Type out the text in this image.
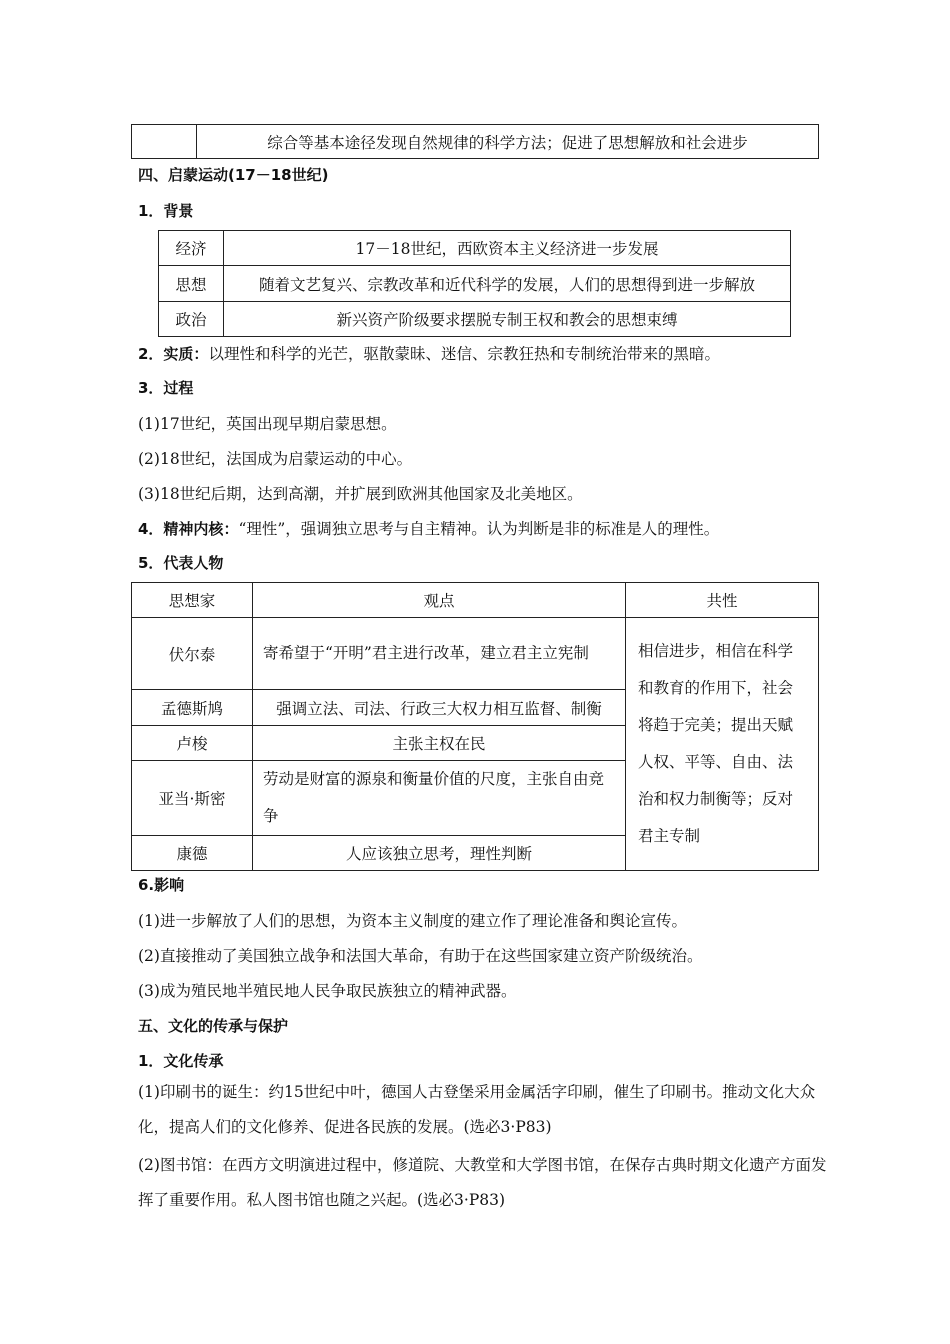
	综合等基本途径发现自然规律的科学方法；促进了思想解放和社会进步
四、启蒙运动(17－18世纪)
1．背景
经济	17－18世纪，西欧资本主义经济进一步发展
思想	随着文艺复兴、宗教改革和近代科学的发展，人们的思想得到进一步解放
政治	新兴资产阶级要求摆脱专制王权和教会的思想束缚
2．实质：以理性和科学的光芒，驱散蒙昧、迷信、宗教狂热和专制统治带来的黑暗。
3．过程
(1)17世纪，英国出现早期启蒙思想。
(2)18世纪，法国成为启蒙运动的中心。
(3)18世纪后期，达到高潮，并扩展到欧洲其他国家及北美地区。
4．精神内核：“理性”，强调独立思考与自主精神。认为判断是非的标准是人的理性。
5．代表人物
思想家	观点	共性
伏尔泰	寄希望于“开明”君主进行改革，建立君主立宪制	相信进步，相信在科学和教育的作用下，社会将趋于完美；提出天赋人权、平等、自由、法治和权力制衡等；反对君主专制
孟德斯鸠	强调立法、司法、行政三大权力相互监督、制衡	
卢梭	主张主权在民	
亚当·斯密	劳动是财富的源泉和衡量价值的尺度，主张自由竞争	
康德	人应该独立思考，理性判断	
6.影响
(1)进一步解放了人们的思想，为资本主义制度的建立作了理论准备和舆论宣传。
(2)直接推动了美国独立战争和法国大革命，有助于在这些国家建立资产阶级统治。
(3)成为殖民地半殖民地人民争取民族独立的精神武器。
五、文化的传承与保护
1．文化传承
(1)印刷书的诞生：约15世纪中叶，德国人古登堡采用金属活字印刷，催生了印刷书。推动文化大众化，提高人们的文化修养、促进各民族的发展。(选必3·P83)
(2)图书馆：在西方文明演进过程中，修道院、大教堂和大学图书馆，在保存古典时期文化遗产方面发挥了重要作用。私人图书馆也随之兴起。(选必3·P83)
